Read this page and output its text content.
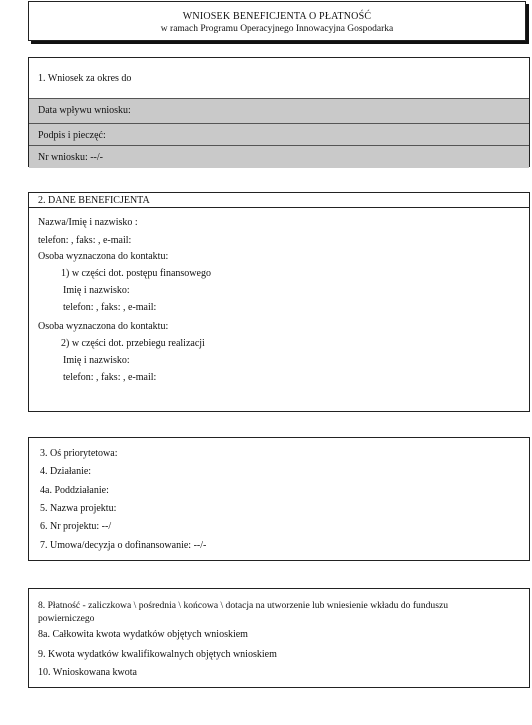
WNIOSEK BENEFICJENTA O PŁATNOŚĆ
w ramach Programu Operacyjnego Innowacyjna Gospodarka
1. Wniosek za okres do
Data wpływu wniosku:
Podpis i pieczęć:
Nr wniosku: --/-
2. DANE BENEFICJENTA
Nazwa/Imię i nazwisko :
telefon: , faks: , e-mail:
Osoba wyznaczona do kontaktu:
1) w części dot. postępu finansowego
Imię i nazwisko:
telefon: , faks: , e-mail:
Osoba wyznaczona do kontaktu:
2) w części dot. przebiegu realizacji
Imię i nazwisko:
telefon: , faks: , e-mail:
3. Oś priorytetowa:
4. Działanie:
4a. Poddziałanie:
5. Nazwa projektu:
6. Nr projektu: --/
7. Umowa/decyzja o dofinansowanie: --/-
8. Płatność - zaliczkowa \ pośrednia \ końcowa \ dotacja na utworzenie lub wniesienie wkładu do funduszu
powierniczego
8a. Całkowita kwota wydatków objętych wnioskiem
9. Kwota wydatków kwalifikowalnych objętych wnioskiem
10. Wnioskowana kwota
